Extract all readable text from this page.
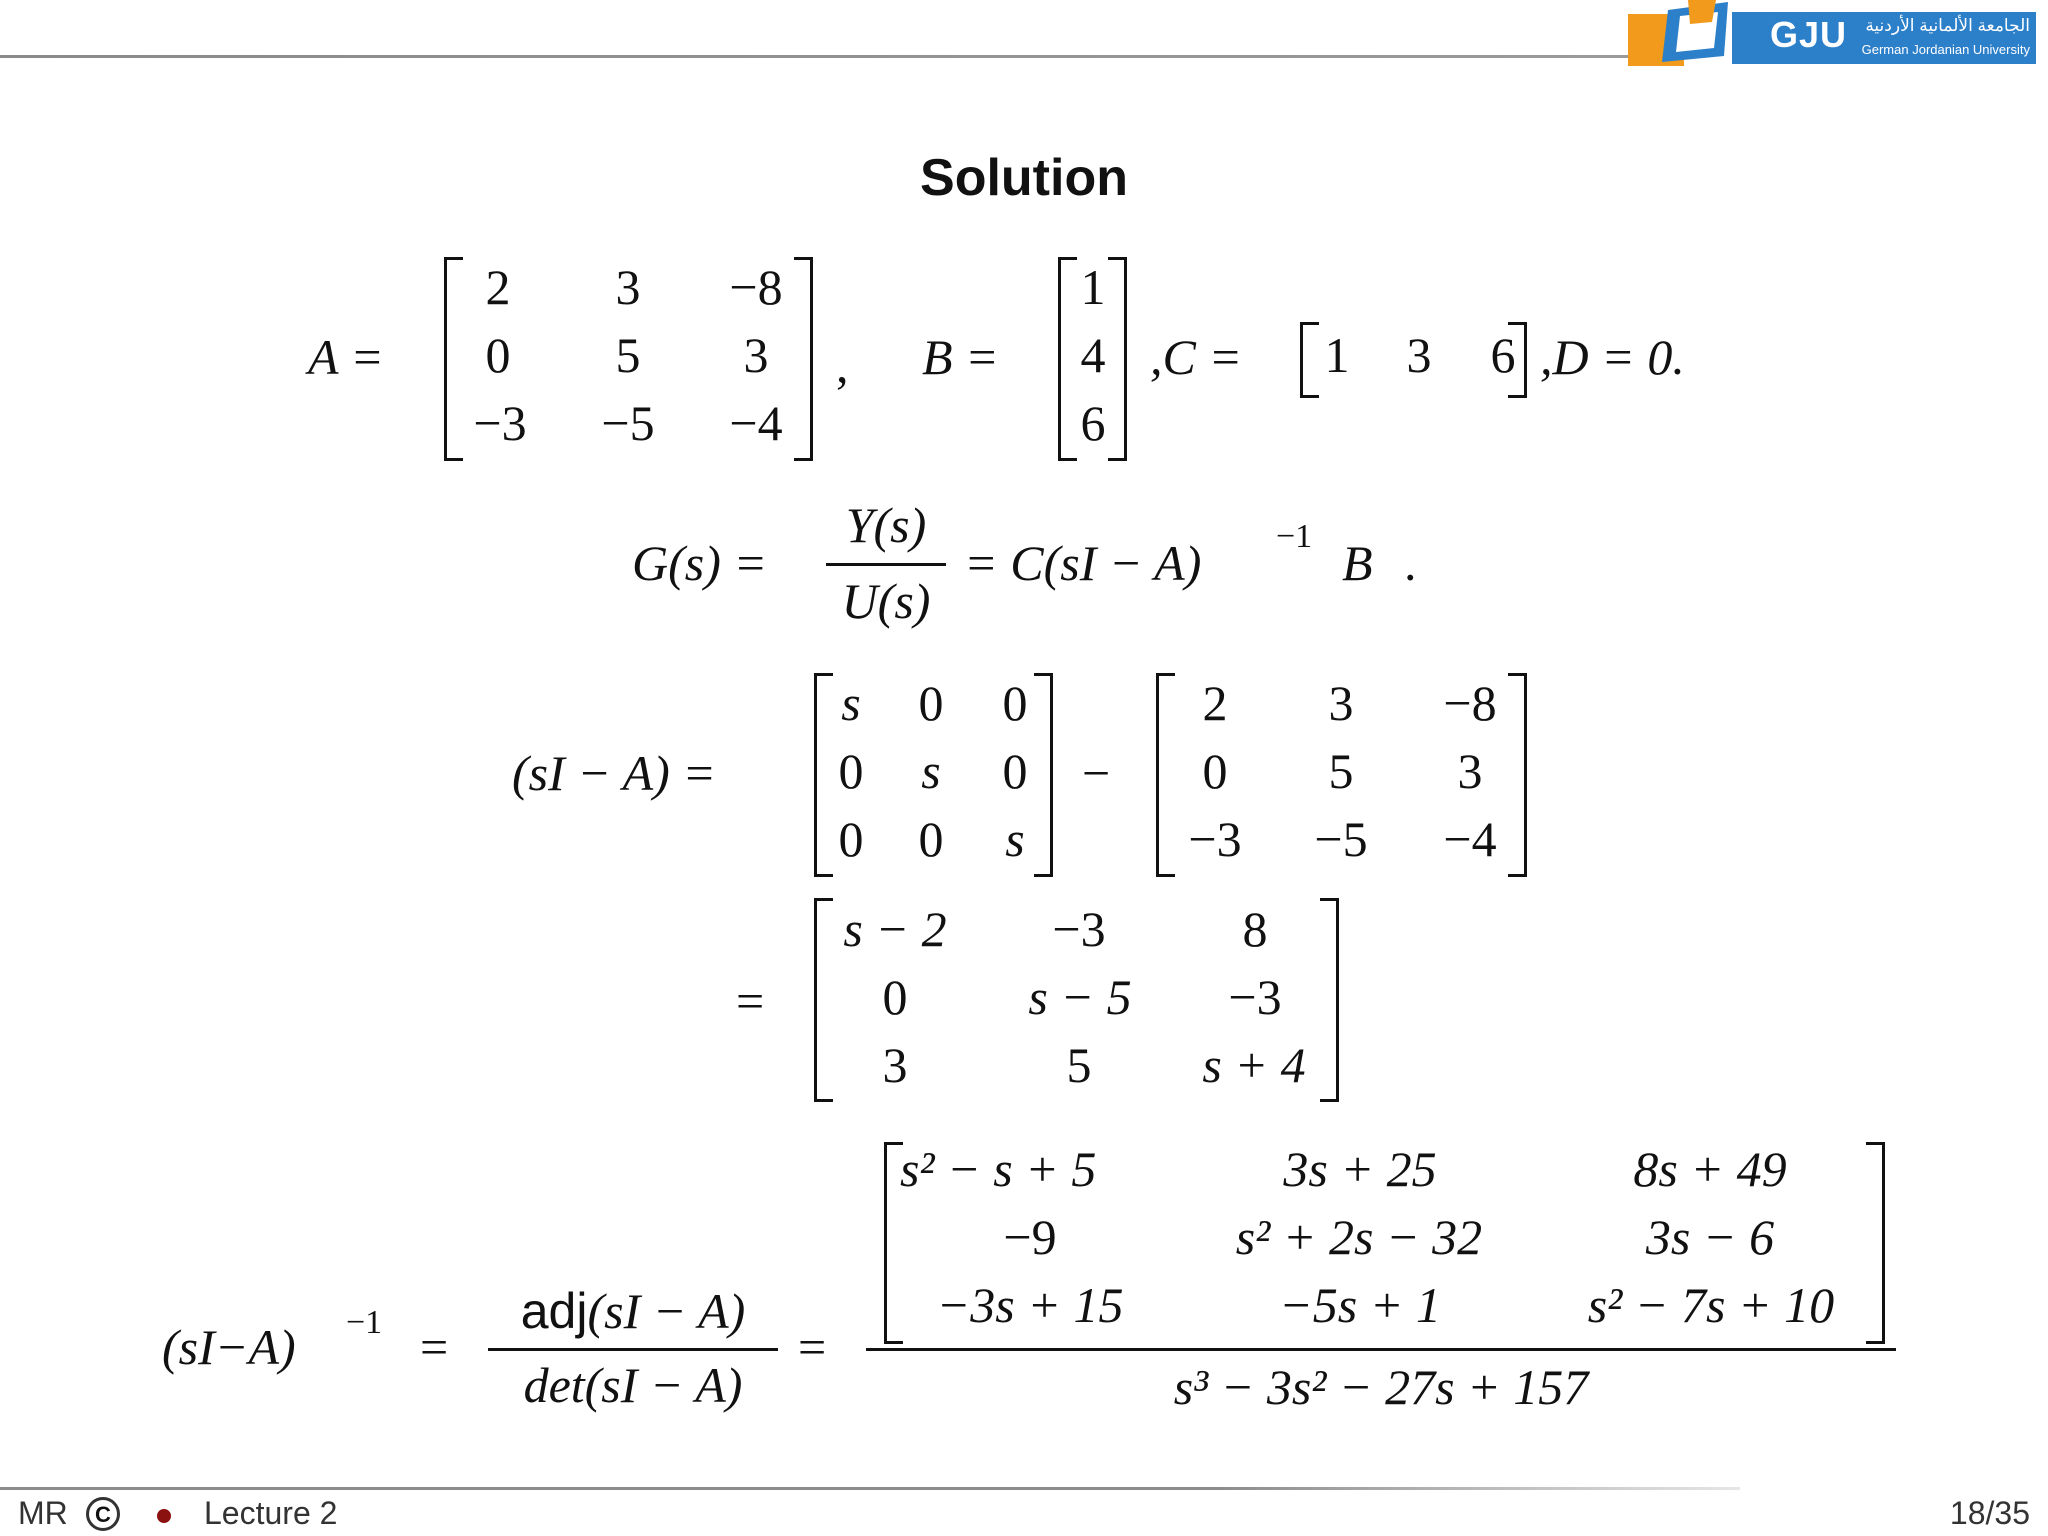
GJU	الجامعة الألمانية الأردنية
German Jordanian University
Solution
A =
2	3	−8
0	5	3
−3 −5 −4
, B =
1
4
6
,C = 1 3 6 ,D = 0.
G(s) =
Y(s)
U(s)
= C(sI − A) −1 B .
(sI − A) =
s	0 0
0	s	0
0 0	s
−
2	3	−8
0	5	3
−3	−5	−4
=
s − 2	−3	8
0	s − 5	−3
3	5	s + 4
(sI−A) −1 =
adj(sI − A)
det(sI − A)
=
s² − s + 5	3s + 25	8s + 49
−9	s² + 2s − 32	3s − 6
−3s + 15	−5s + 1	s² − 7s + 10
s³ − 3s² − 27s + 157
MR	C	Lecture 2	18/35
